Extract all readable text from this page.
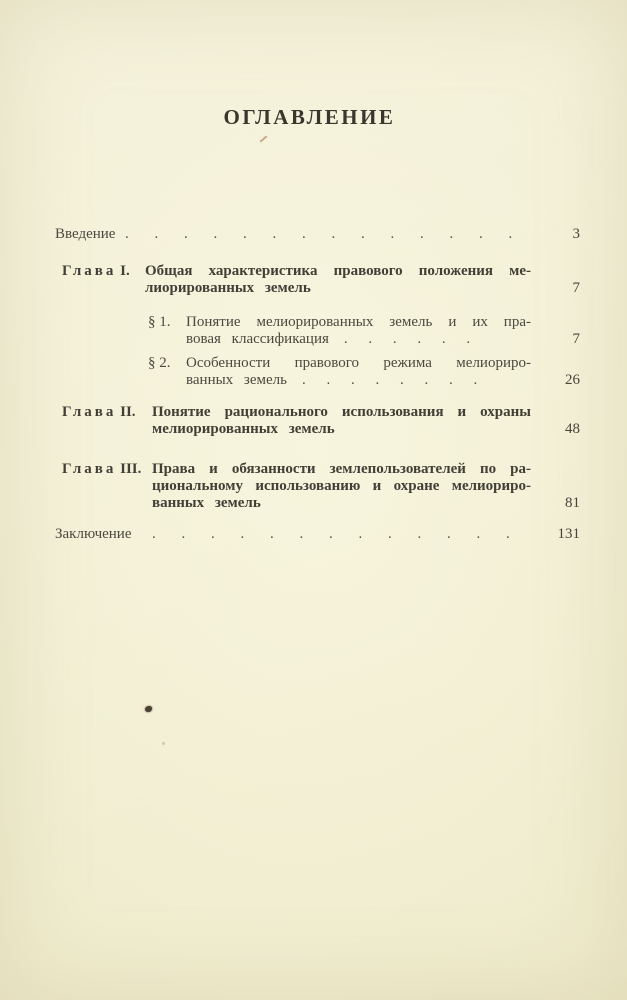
ОГЛАВЛЕНИЕ
Введение . . . . . . . . . . . . . .	3
Глава I. Общая характеристика правового положения ме-
лиорированных земель	7
§ 1. Понятие мелиорированных земель и их пра-
вовая классификация . . . . . .	7
§ 2. Особенности правового режима мелиориро-
ванных земель . . . . . . . .	26
Глава II. Понятие рационального использования и охраны
мелиорированных земель	48
Глава III. Права и обязанности землепользователей по ра-
циональному использованию и охране мелиориро-
ванных земель	81
Заключение . . . . . . . . . . . . .	131
